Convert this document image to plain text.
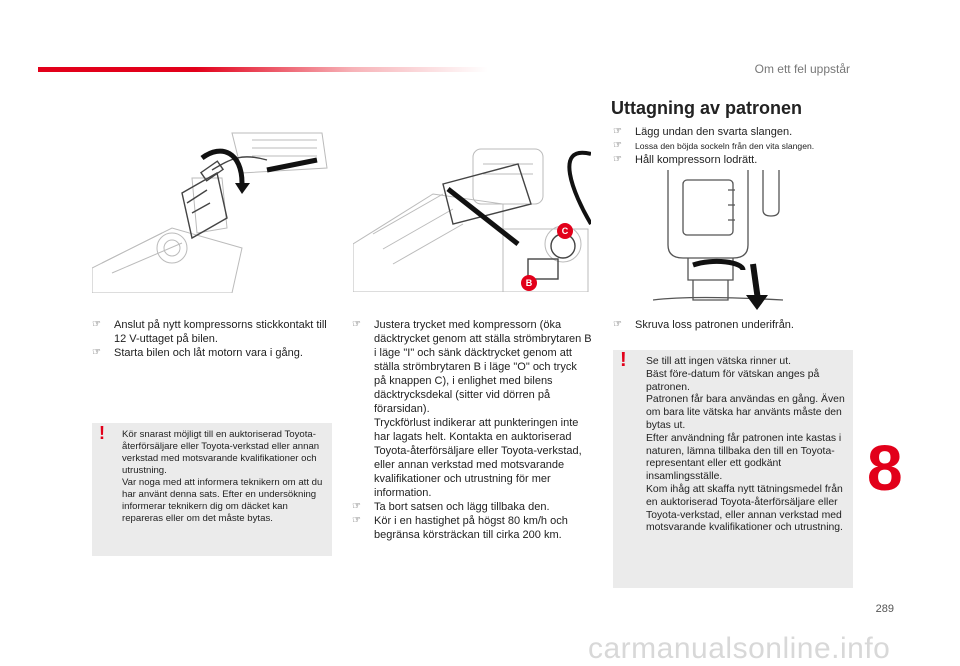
Om ett fel uppstår
C
B
☞ Anslut på nytt kompressorns stickkontakt till 12 V-uttaget på bilen.
☞ Starta bilen och låt motorn vara i gång.
! Kör snarast möjligt till en auktoriserad Toyota-återförsäljare eller Toyota-verkstad eller annan verkstad med motsvarande kvalifikationer och utrustning.
Var noga med att informera teknikern om att du har använt denna sats. Efter en undersökning informerar teknikern dig om däcket kan repareras eller om det måste bytas.
☞ Justera trycket med kompressorn (öka däcktrycket genom att ställa strömbrytaren B i läge "I" och sänk däcktrycket genom att ställa strömbrytaren B i läge "O" och tryck på knappen C), i enlighet med bilens däcktrycksdekal (sitter vid dörren på förarsidan).
Tryckförlust indikerar att punkteringen inte har lagats helt. Kontakta en auktoriserad Toyota-återförsäljare eller Toyota-verkstad, eller annan verkstad med motsvarande kvalifikationer och utrustning för mer information.
☞ Ta bort satsen och lägg tillbaka den.
☞ Kör i en hastighet på högst 80 km/h och begränsa körsträckan till cirka 200 km.
Uttagning av patronen
☞ Lägg undan den svarta slangen.
☞ Lossa den böjda sockeln från den vita slangen.
☞ Håll kompressorn lodrätt.
☞ Skruva loss patronen underifrån.
! Se till att ingen vätska rinner ut.
Bäst före-datum för vätskan anges på patronen.
Patronen får bara användas en gång. Även om bara lite vätska har använts måste den bytas ut.
Efter användning får patronen inte kastas i naturen, lämna tillbaka den till en Toyota-representant eller ett godkänt insamlingsställe.
Kom ihåg att skaffa nytt tätningsmedel från en auktoriserad Toyota-återförsäljare eller Toyota-verkstad, eller annan verkstad med motsvarande kvalifikationer och utrustning.
8
289
carmanualsonline.info
